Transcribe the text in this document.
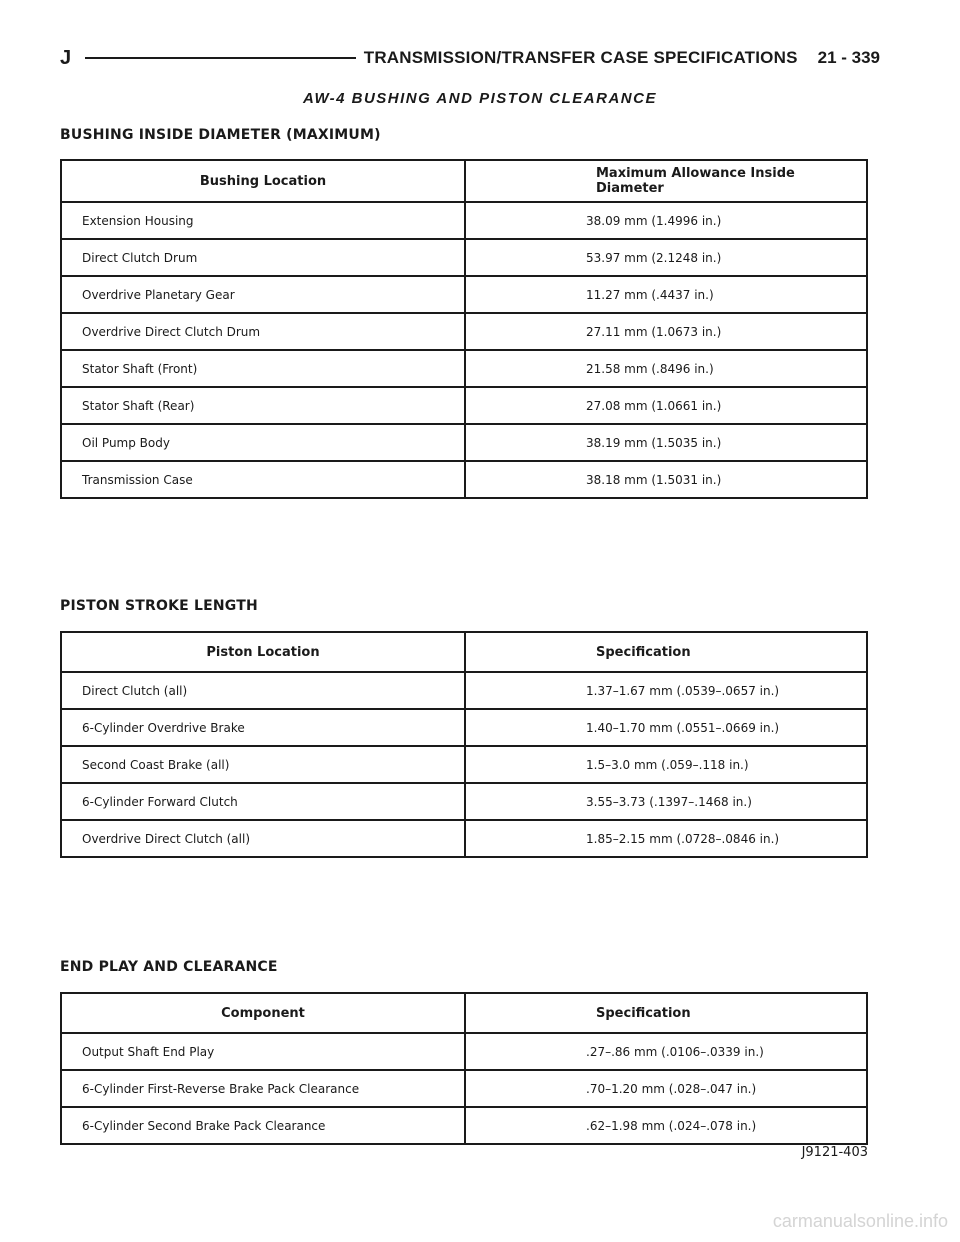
J	TRANSMISSION/TRANSFER CASE SPECIFICATIONS 21 - 339
AW-4 BUSHING AND PISTON CLEARANCE
BUSHING INSIDE DIAMETER (MAXIMUM)
Bushing Location	Maximum Allowance Inside Diameter
Extension Housing	38.09 mm (1.4996 in.)
Direct Clutch Drum	53.97 mm (2.1248 in.)
Overdrive Planetary Gear	11.27 mm (.4437 in.)
Overdrive Direct Clutch Drum	27.11 mm (1.0673 in.)
Stator Shaft (Front)	21.58 mm (.8496 in.)
Stator Shaft (Rear)	27.08 mm (1.0661 in.)
Oil Pump Body	38.19 mm (1.5035 in.)
Transmission Case	38.18 mm (1.5031 in.)
PISTON STROKE LENGTH
Piston Location	Specification
Direct Clutch (all)	1.37–1.67 mm (.0539–.0657 in.)
6-Cylinder Overdrive Brake	1.40–1.70 mm (.0551–.0669 in.)
Second Coast Brake (all)	1.5–3.0 mm (.059–.118 in.)
6-Cylinder Forward Clutch	3.55–3.73 (.1397–.1468 in.)
Overdrive Direct Clutch (all)	1.85–2.15 mm (.0728–.0846 in.)
END PLAY AND CLEARANCE
Component	Specification
Output Shaft End Play	.27–.86 mm (.0106–.0339 in.)
6-Cylinder First-Reverse Brake Pack Clearance	.70–1.20 mm (.028–.047 in.)
6-Cylinder Second Brake Pack Clearance	.62–1.98 mm (.024–.078 in.)
J9121-403
carmanualsonline.info
